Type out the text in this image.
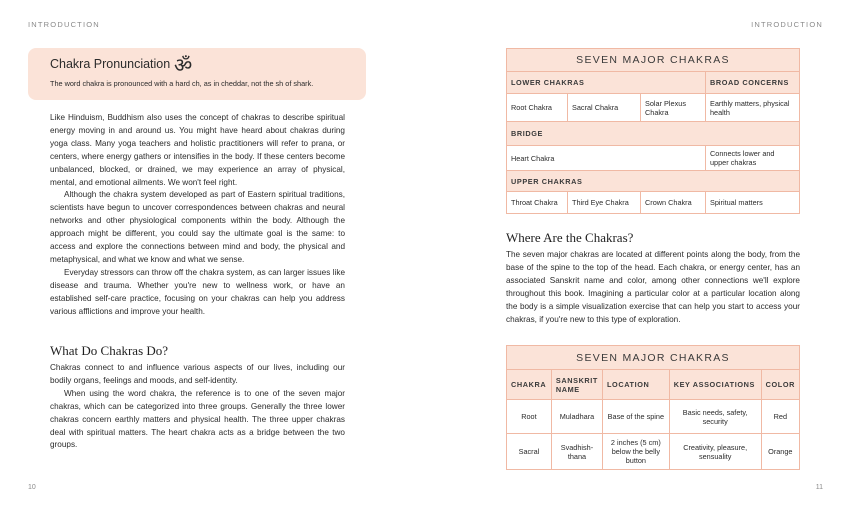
INTRODUCTION
Chakra Pronunciation ॐ
The word chakra is pronounced with a hard ch, as in cheddar, not the sh of shark.

Like Hinduism, Buddhism also uses the concept of chakras to describe spiritual energy moving in and around us. You might have heard about chakras during yoga class. Many yoga teachers and holistic practitioners will refer to prana, or centers, where energy gathers or intensifies in the body. If these centers become unbalanced, blocked, or drained, we may experience an array of physical, mental, and emotional ailments. We won't feel right.

Although the chakra system developed as part of Eastern spiritual traditions, scientists have begun to uncover correspondences between chakras and neural networks and other physiological components within the body. Although the approach might be different, you could say the ultimate goal is the same: to access and explore the connections between mind and body, the physical and metaphysical, and what we know and what we sense.

Everyday stressors can throw off the chakra system, as can larger issues like disease and trauma. Whether you're new to wellness work, or have an established self-care practice, focusing on your chakras can help you address various afflictions and improve your health.

What Do Chakras Do?

Chakras connect to and influence various aspects of our lives, including our bodily organs, feelings and moods, and self-identity.

When using the word chakra, the reference is to one of the seven major chakras, which can be categorized into three groups. Generally the three lower chakras concern earthly matters and physical health. The three upper chakras deal with spiritual matters. The heart chakra acts as a bridge between the two groups.

10
INTRODUCTION
SEVEN MAJOR CHAKRAS			
LOWER CHAKRAS			BROAD CONCERNS
Root Chakra	Sacral Chakra	Solar Plexus Chakra	Earthly matters, physical health
BRIDGE			
Heart Chakra			Connects lower and upper chakras
UPPER CHAKRAS			
Throat Chakra	Third Eye Chakra	Crown Chakra	Spiritual matters
Where Are the Chakras?

The seven major chakras are located at different points along the body, from the base of the spine to the top of the head. Each chakra, or energy center, has an associated Sanskrit name and color, among other connections we'll explore throughout this book. Imagining a particular color at a particular location along the body is a simple visualization exercise that can help you start to access your chakras, if you're new to this type of exploration.

SEVEN MAJOR CHAKRAS				
CHAKRA	SANSKRIT NAME	LOCATION	KEY ASSOCIATIONS	COLOR
Root	Muladhara	Base of the spine	Basic needs, safety, security	Red
Sacral	Svadhish-thana	2 inches (5 cm) below the belly button	Creativity, pleasure, sensuality	Orange
11
